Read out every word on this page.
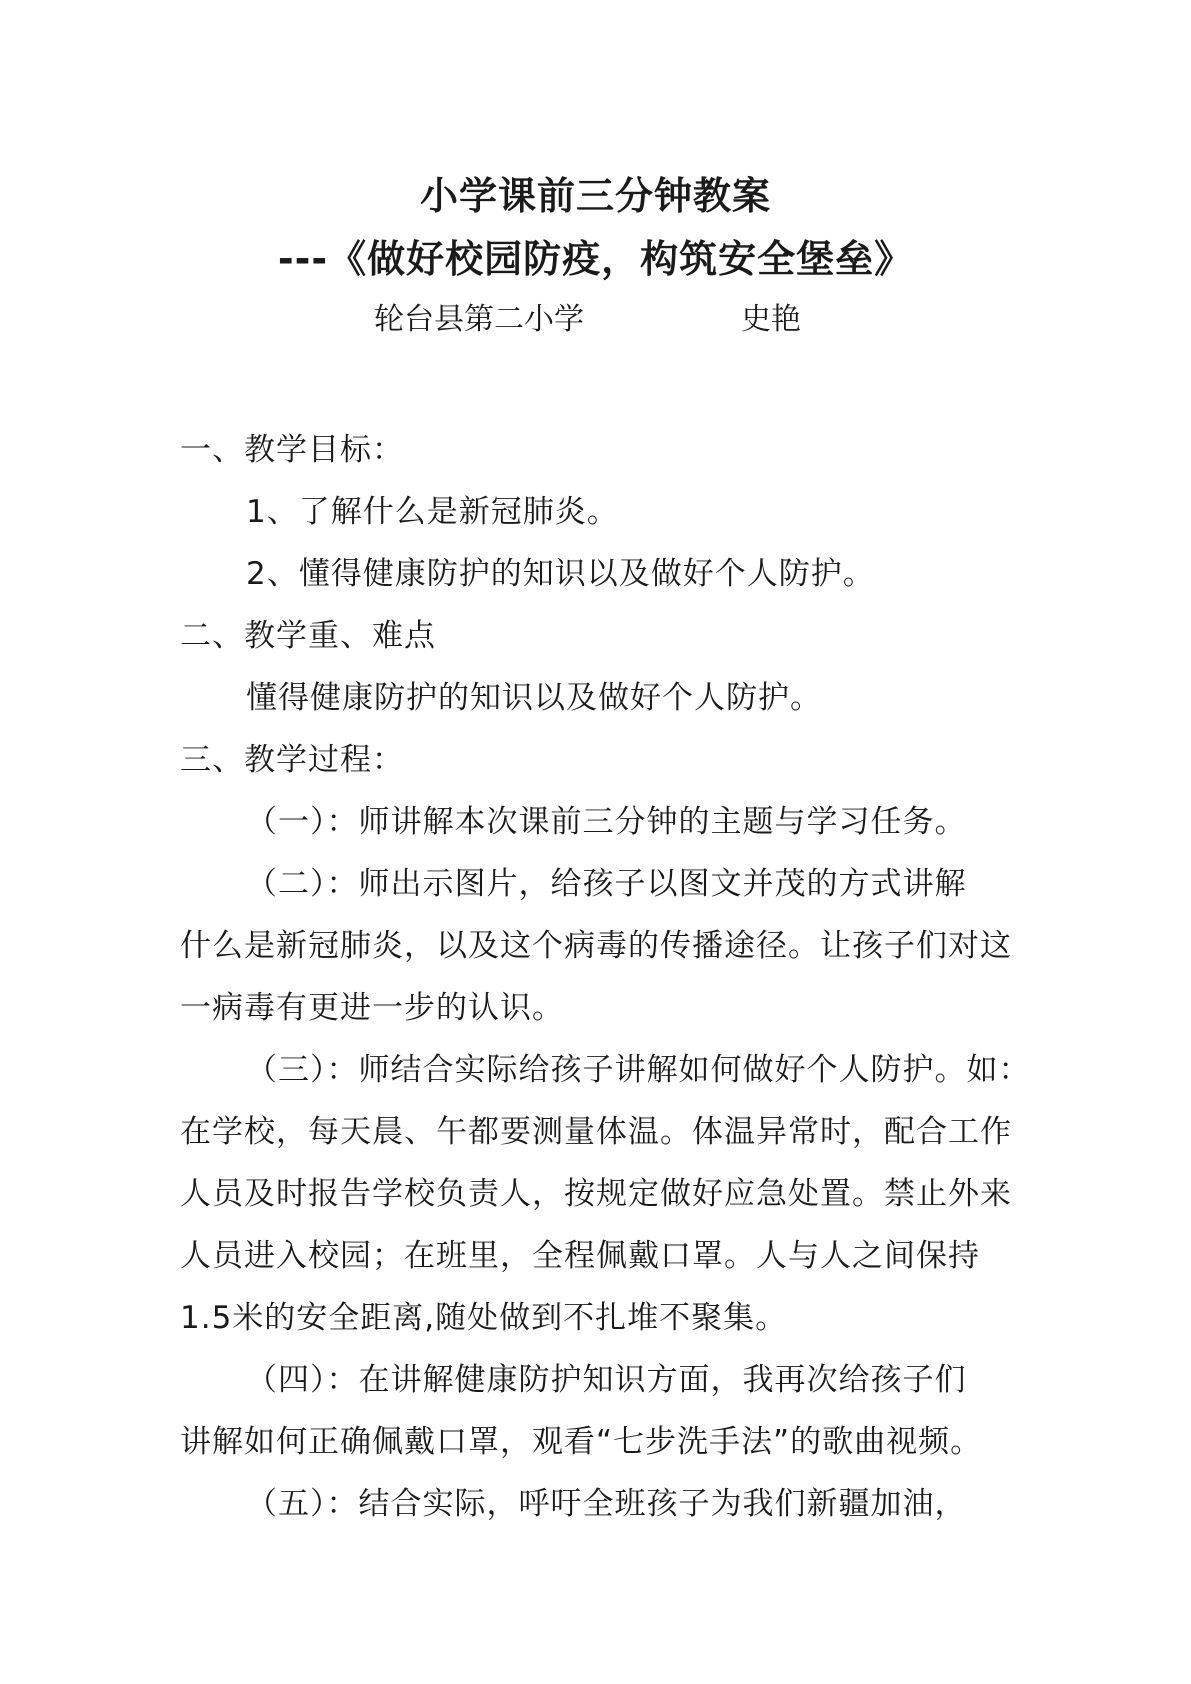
小学课前三分钟教案
---《做好校园防疫，构筑安全堡垒》
轮台县第二小学	史艳
一、教学目标：
1、了解什么是新冠肺炎。
2、懂得健康防护的知识以及做好个人防护。
二、教学重、难点
懂得健康防护的知识以及做好个人防护。
三、教学过程：
（一）：师讲解本次课前三分钟的主题与学习任务。
（二）：师出示图片，给孩子以图文并茂的方式讲解
什么是新冠肺炎，以及这个病毒的传播途径。让孩子们对这
一病毒有更进一步的认识。
（三）：师结合实际给孩子讲解如何做好个人防护。如：
在学校，每天晨、午都要测量体温。体温异常时，配合工作
人员及时报告学校负责人，按规定做好应急处置。禁止外来
人员进入校园；在班里，全程佩戴口罩。人与人之间保持
1.5米的安全距离,随处做到不扎堆不聚集。
（四）：在讲解健康防护知识方面，我再次给孩子们
讲解如何正确佩戴口罩，观看“七步洗手法”的歌曲视频。
（五）：结合实际，呼吁全班孩子为我们新疆加油，
